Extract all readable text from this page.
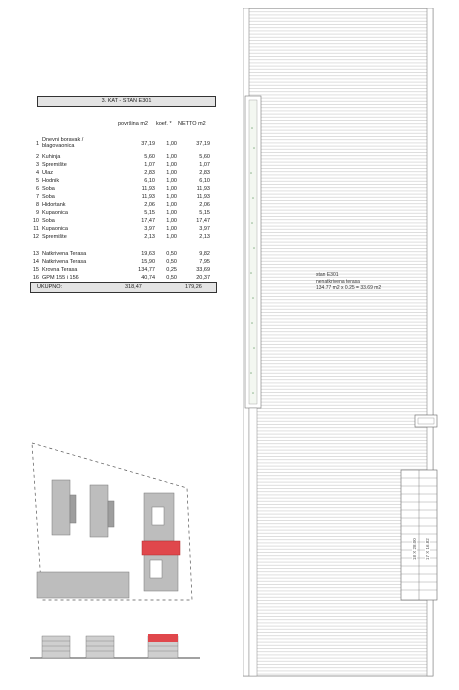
3. KAT - STAN E301
površina m2 koef. * NETTO m2
1
Dnevni boravak /
blagovaonica	37,19	1,00	37,19
2 Kuhinja	5,60	1,00	5,60
3 Spremište	1,07	1,00	1,07
4 Ulaz	2,83	1,00	2,83
5 Hodnik	6,10	1,00	6,10
6 Soba	11,93	1,00	11,93
7 Soba	11,93	1,00	11,93
8 Hidortank	2,06	1,00	2,06
9 Kupaonica	5,15	1,00	5,15
10 Soba	17,47	1,00	17,47
11 Kupaonica	3,97	1,00	3,97
12 Spremište	2,13	1,00	2,13
13 Natkrivena Terasa	19,63	0,50	9,82
14 Natkrivena Terasa	15,90	0,50	7,95
15 Krovna Terasa	134,77	0,25	33,69
16 GPM 155 i 156	40,74	0,50	20,37
UKUPNO:	318,47	179,26
stan E301
nenatkrivena terasa
134.77 m2 x 0.25 = 33.69 m2
17 X 16.82
18 X 28.00
